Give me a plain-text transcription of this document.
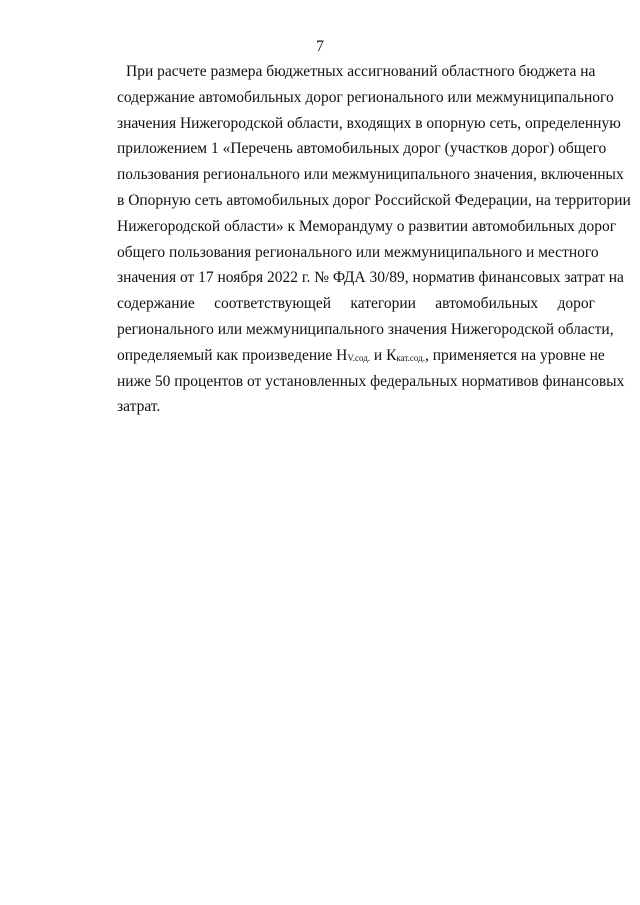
7
При расчете размера бюджетных ассигнований областного бюджета на
содержание автомобильных дорог регионального или межмуниципального
значения Нижегородской области, входящих в опорную сеть, определенную
приложением 1 «Перечень автомобильных дорог (участков дорог) общего
пользования регионального или межмуниципального значения, включенных
в Опорную сеть автомобильных дорог Российской Федерации, на территории
Нижегородской области» к Меморандуму о развитии автомобильных дорог
общего пользования регионального или межмуниципального и местного
значения от 17 ноября 2022 г. № ФДА 30/89, норматив финансовых затрат на
содержание соответствующей категории автомобильных дорог
регионального или межмуниципального значения Нижегородской области,
определяемый как произведение НV.сод. и Ккат.сод., применяется на уровне не
ниже 50 процентов от установленных федеральных нормативов финансовых
затрат.
